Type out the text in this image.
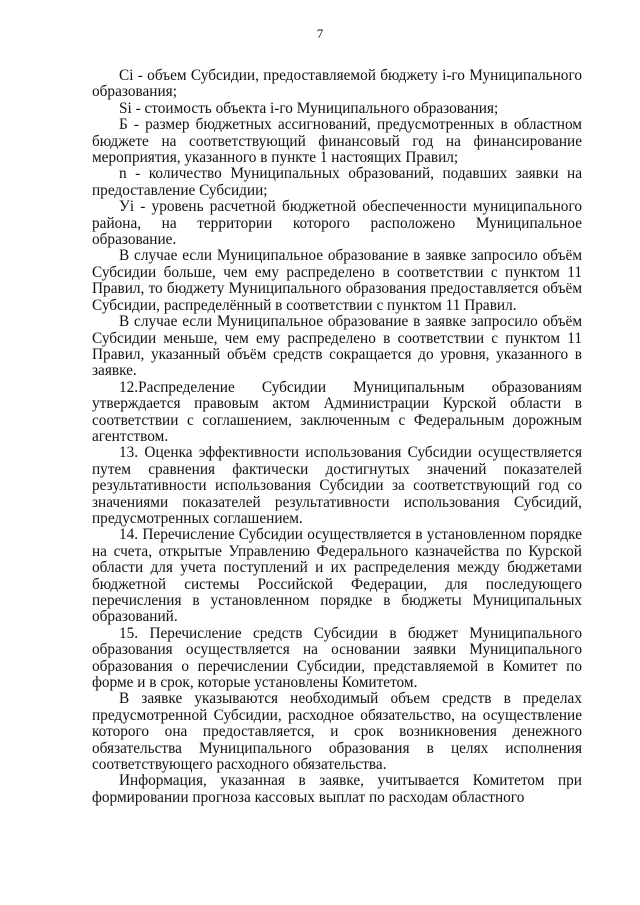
7

Ci - объем Субсидии, предоставляемой бюджету i-го Муниципального образования;

Si - стоимость объекта i-го Муниципального образования;

Б - размер бюджетных ассигнований, предусмотренных в областном бюджете на соответствующий финансовый год на финансирование мероприятия, указанного в пункте 1 настоящих Правил;

n - количество Муниципальных образований, подавших заявки на предоставление Субсидии;

Уi - уровень расчетной бюджетной обеспеченности муниципального района, на территории которого расположено Муниципальное образование.

В случае если Муниципальное образование в заявке запросило объём Субсидии больше, чем ему распределено в соответствии с пунктом 11 Правил, то бюджету Муниципального образования предоставляется объём Субсидии, распределённый в соответствии с пунктом 11 Правил.

В случае если Муниципальное образование в заявке запросило объём Субсидии меньше, чем ему распределено в соответствии с пунктом 11 Правил, указанный объём средств сокращается до уровня, указанного в заявке.

12.Распределение Субсидии Муниципальным образованиям утверждается правовым актом Администрации Курской области в соответствии с соглашением, заключенным с Федеральным дорожным агентством.

13. Оценка эффективности использования Субсидии осуществляется путем сравнения фактически достигнутых значений показателей результативности использования Субсидии за соответствующий год со значениями показателей результативности использования Субсидий, предусмотренных соглашением.

14. Перечисление Субсидии осуществляется в установленном порядке на счета, открытые Управлению Федерального казначейства по Курской области для учета поступлений и их распределения между бюджетами бюджетной системы Российской Федерации, для последующего перечисления в установленном порядке в бюджеты Муниципальных образований.

15. Перечисление средств Субсидии в бюджет Муниципального образования осуществляется на основании заявки Муниципального образования о перечислении Субсидии, представляемой в Комитет по форме и в срок, которые установлены Комитетом.

В заявке указываются необходимый объем средств в пределах предусмотренной Субсидии, расходное обязательство, на осуществление которого она предоставляется, и срок возникновения денежного обязательства Муниципального образования в целях исполнения соответствующего расходного обязательства.

Информация, указанная в заявке, учитывается Комитетом при формировании прогноза кассовых выплат по расходам областного
